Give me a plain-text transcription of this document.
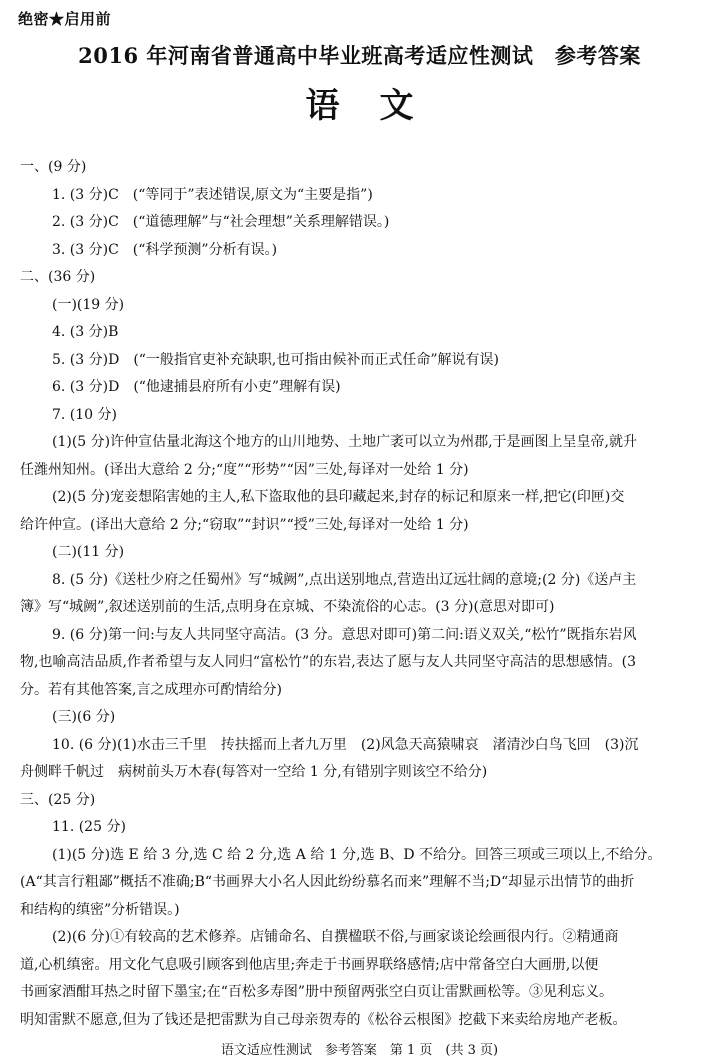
绝密★启用前
2016 年河南省普通高中毕业班高考适应性测试　参考答案
语文
一、(9 分)
1. (3 分)C　(“等同于”表述错误,原文为“主要是指”)
2. (3 分)C　(“道德理解”与“社会理想”关系理解错误。)
3. (3 分)C　(“科学预测”分析有误。)
二、(36 分)
(一)(19 分)
4. (3 分)B
5. (3 分)D　(“一般指官吏补充缺职,也可指由候补而正式任命”解说有误)
6. (3 分)D　(“他逮捕县府所有小吏”理解有误)
7. (10 分)
(1)(5 分)许仲宣估量北海这个地方的山川地势、土地广袤可以立为州郡,于是画图上呈皇帝,就升
任潍州知州。(译出大意给 2 分;“度”“形势”“因”三处,每译对一处给 1 分)
(2)(5 分)宠妾想陷害她的主人,私下盗取他的县印藏起来,封存的标记和原来一样,把它(印匣)交
给许仲宣。(译出大意给 2 分;“窃取”“封识”“授”三处,每译对一处给 1 分)
(二)(11 分)
8. (5 分)《送杜少府之任蜀州》写“城阙”,点出送别地点,营造出辽远壮阔的意境;(2 分)《送卢主
簿》写“城阙”,叙述送别前的生活,点明身在京城、不染流俗的心志。(3 分)(意思对即可)
9. (6 分)第一问:与友人共同坚守高洁。(3 分。意思对即可)第二问:语义双关,“松竹”既指东岩风
物,也喻高洁品质,作者希望与友人同归“富松竹”的东岩,表达了愿与友人共同坚守高洁的思想感情。(3
分。若有其他答案,言之成理亦可酌情给分)
(三)(6 分)
10. (6 分)(1)水击三千里　抟扶摇而上者九万里　(2)风急天高猿啸哀　渚清沙白鸟飞回　(3)沉
舟侧畔千帆过　病树前头万木春(每答对一空给 1 分,有错别字则该空不给分)
三、(25 分)
11. (25 分)
(1)(5 分)选 E 给 3 分,选 C 给 2 分,选 A 给 1 分,选 B、D 不给分。回答三项或三项以上,不给分。
(A“其言行粗鄙”概括不准确;B“书画界大小名人因此纷纷慕名而来”理解不当;D“却显示出情节的曲折
和结构的缜密”分析错误。)
(2)(6 分)①有较高的艺术修养。店铺命名、自撰楹联不俗,与画家谈论绘画很内行。②精通商
道,心机缜密。用文化气息吸引顾客到他店里;奔走于书画界联络感情;店中常备空白大画册,以便
书画家酒酣耳热之时留下墨宝;在“百松多寿图”册中预留两张空白页让雷默画松等。③见利忘义。
明知雷默不愿意,但为了钱还是把雷默为自己母亲贺寿的《松谷云根图》挖截下来卖给房地产老板。
语文适应性测试　参考答案　第 1 页　(共 3 页)
